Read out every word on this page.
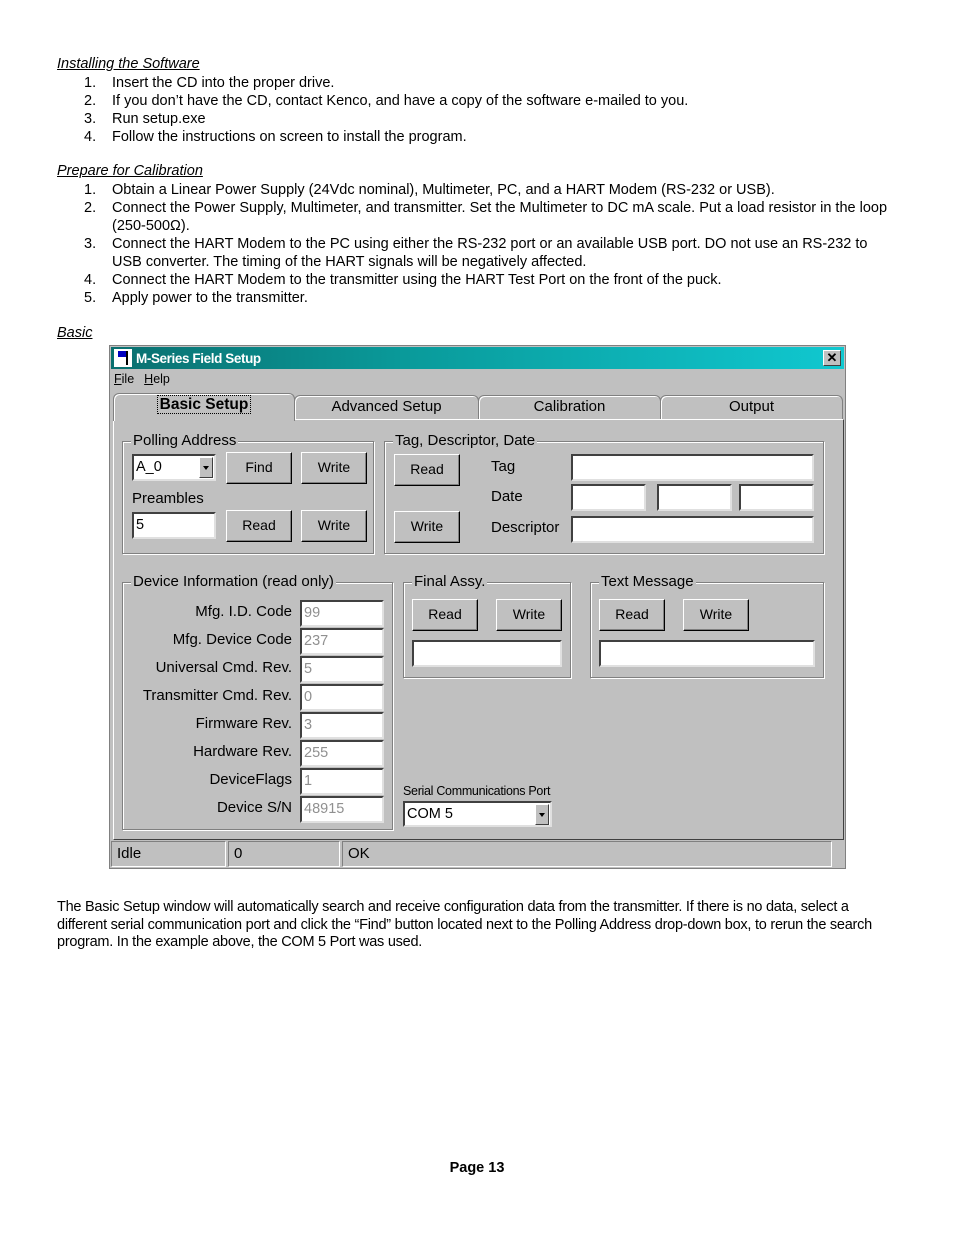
Installing the Software
1. Insert the CD into the proper drive.
2. If you don’t have the CD, contact Kenco, and have a copy of the software e-mailed to you.
3. Run setup.exe
4. Follow the instructions on screen to install the program.
Prepare for Calibration
1. Obtain a Linear Power Supply (24Vdc nominal), Multimeter, PC, and a HART Modem (RS-232 or USB).
2. Connect the Power Supply, Multimeter, and transmitter. Set the Multimeter to DC mA scale. Put a load resistor in the loop (250-500Ω).
3. Connect the HART Modem to the PC using either the RS-232 port or an available USB port. DO not use an RS-232 to USB converter. The timing of the HART signals will be negatively affected.
4. Connect the HART Modem to the transmitter using the HART Test Port on the front of the puck.
5. Apply power to the transmitter.
Basic
M-Series Field Setup	✕
File Help
Basic Setup	Advanced Setup	Calibration	Output
Polling Address
A_0	Find	Write
Preambles
5	Read	Write
Tag, Descriptor, Date
Read
Write
Tag
Date
Descriptor
Device Information (read only)
Mfg. I.D. Code 99
Mfg. Device Code 237
Universal Cmd. Rev. 5
Transmitter Cmd. Rev. 0
Firmware Rev. 3
Hardware Rev. 255
DeviceFlags 1
Device S/N 48915
Final Assy.
Read	Write
Text Message
Read	Write
Serial Communications Port
COM 5
Idle	0	OK
The Basic Setup window will automatically search and receive configuration data from the transmitter. If there is no data, select a different serial communication port and click the “Find” button located next to the Polling Address drop-down box, to rerun the search program. In the example above, the COM 5 Port was used.
Page 13
